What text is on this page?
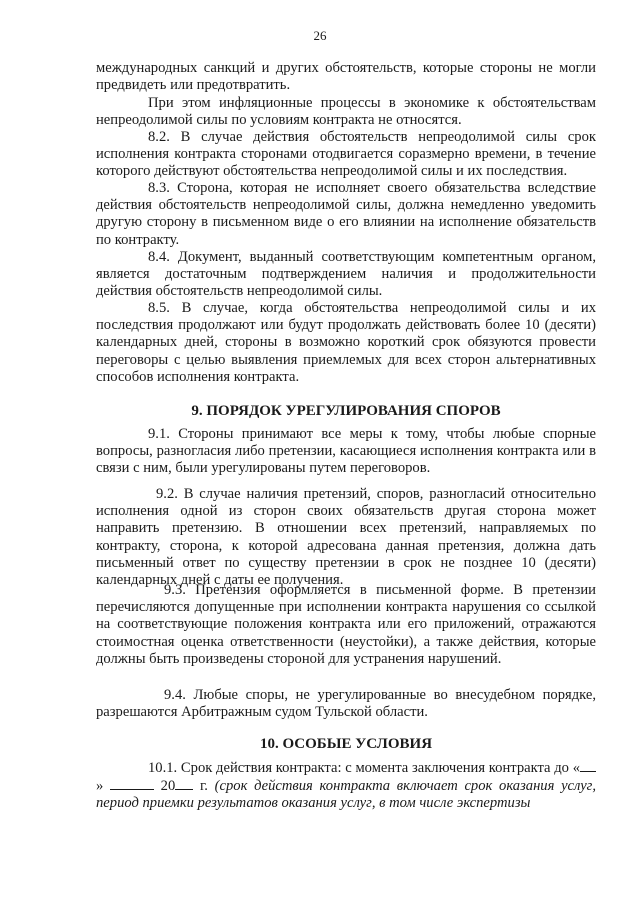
26

международных санкций и других обстоятельств, которые стороны не могли предвидеть или предотвратить.

При этом инфляционные процессы в экономике к обстоятельствам непреодолимой силы по условиям контракта не относятся.

8.2. В случае действия обстоятельств непреодолимой силы срок исполнения контракта сторонами отодвигается соразмерно времени, в течение которого действуют обстоятельства непреодолимой силы и их последствия.

8.3. Сторона, которая не исполняет своего обязательства вследствие действия обстоятельств непреодолимой силы, должна немедленно уведомить другую сторону в письменном виде о его влиянии на исполнение обязательств по контракту.

8.4. Документ, выданный соответствующим компетентным органом, является достаточным подтверждением наличия и продолжительности действия обстоятельств непреодолимой силы.

8.5. В случае, когда обстоятельства непреодолимой силы и их последствия продолжают или будут продолжать действовать более 10 (десяти) календарных дней, стороны в возможно короткий срок обязуются провести переговоры с целью выявления приемлемых для всех сторон альтернативных способов исполнения контракта.

9. ПОРЯДОК УРЕГУЛИРОВАНИЯ СПОРОВ

9.1. Стороны принимают все меры к тому, чтобы любые спорные вопросы, разногласия либо претензии, касающиеся исполнения контракта или в связи с ним, были урегулированы путем переговоров.

9.2. В случае наличия претензий, споров, разногласий относительно исполнения одной из сторон своих обязательств другая сторона может направить претензию. В отношении всех претензий, направляемых по контракту, сторона, к которой адресована данная претензия, должна дать письменный ответ по существу претензии в срок не позднее 10 (десяти) календарных дней с даты ее получения.

9.3. Претензия оформляется в письменной форме. В претензии перечисляются допущенные при исполнении контракта нарушения со ссылкой на соответствующие положения контракта или его приложений, отражаются стоимостная оценка ответственности (неустойки), а также действия, которые должны быть произведены стороной для устранения нарушений.

9.4. Любые споры, не урегулированные во внесудебном порядке, разрешаются Арбитражным судом Тульской области.

10. ОСОБЫЕ УСЛОВИЯ

10.1. Срок действия контракта: с момента заключения контракта до «»	20 г. (срок действия контракта включает срок оказания услуг, период приемки результатов оказания услуг, в том числе экспертизы
